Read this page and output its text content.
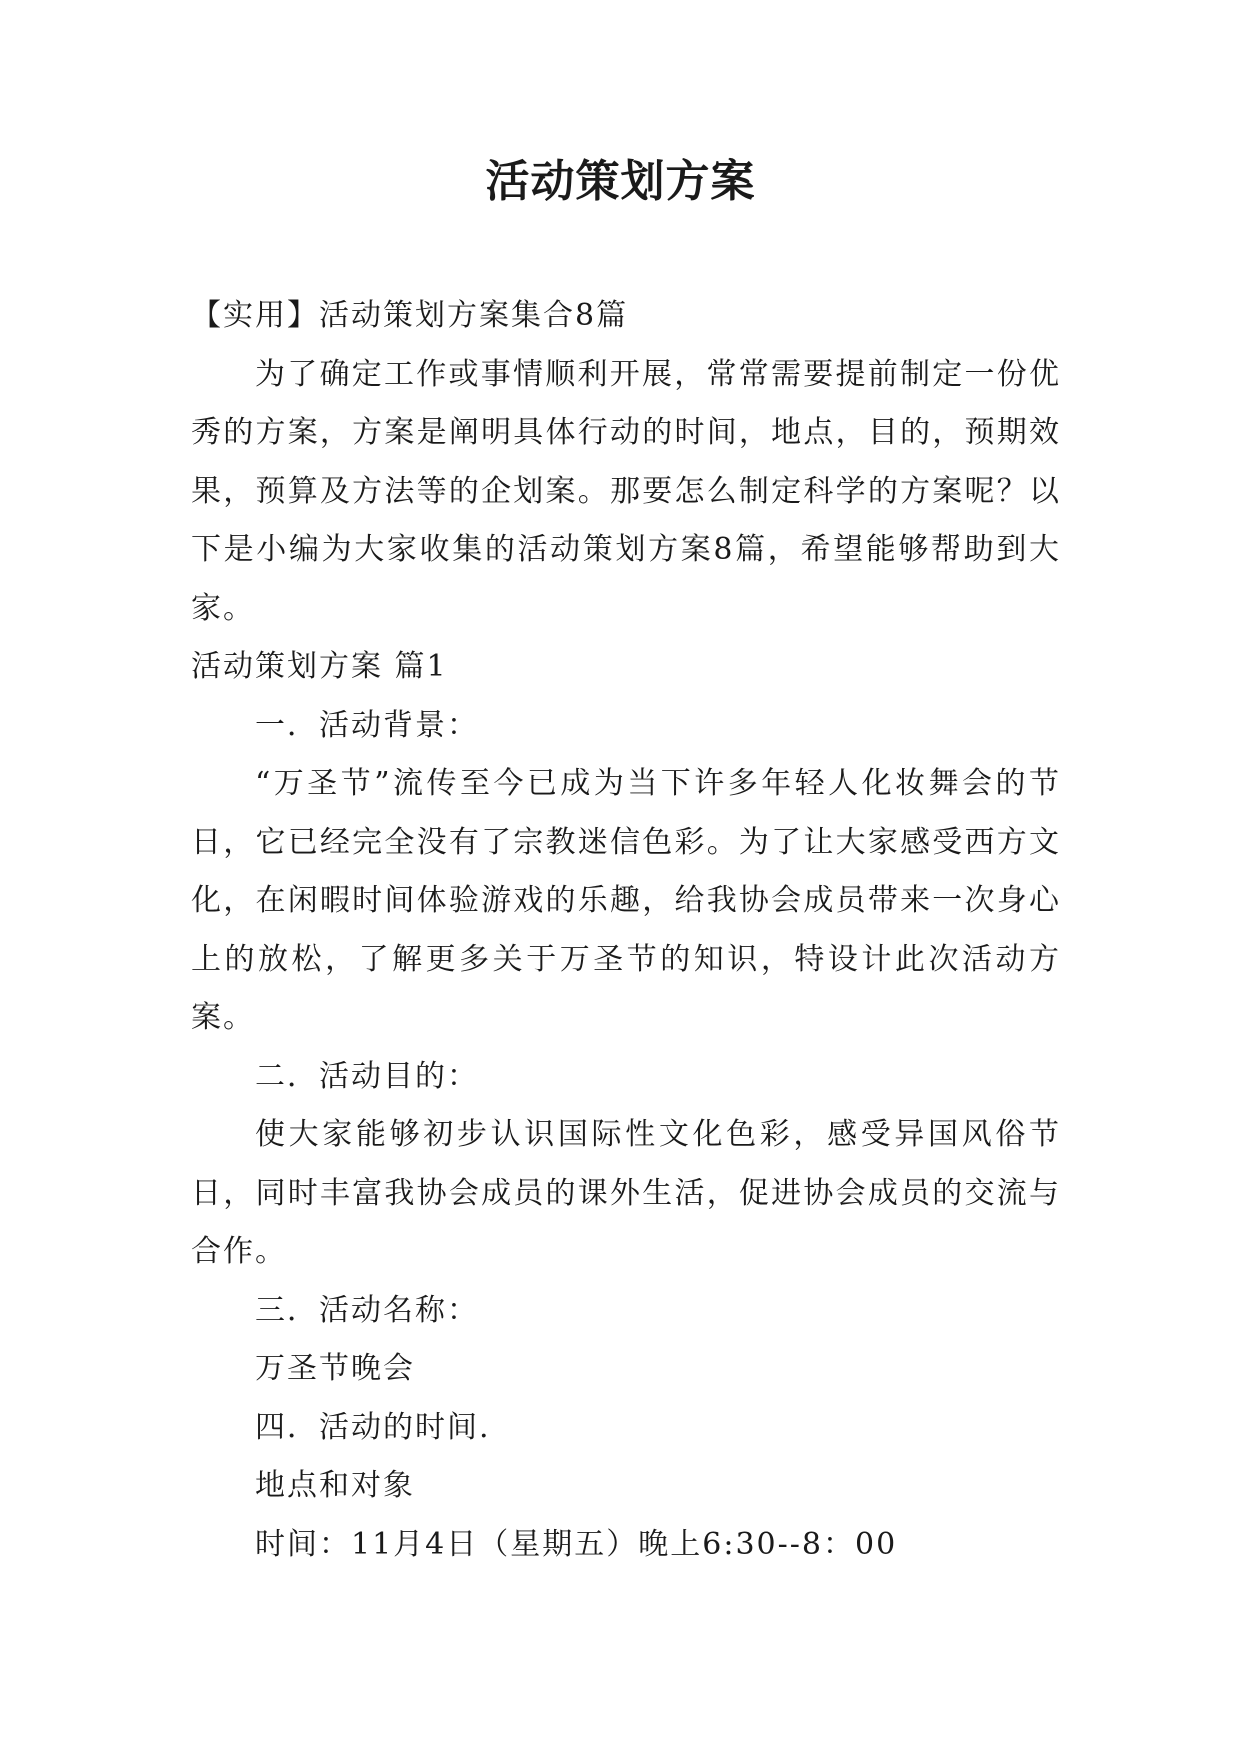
活动策划方案

【实用】活动策划方案集合8篇

为了确定工作或事情顺利开展，常常需要提前制定一份优秀的方案，方案是阐明具体行动的时间，地点，目的，预期效果，预算及方法等的企划案。那要怎么制定科学的方案呢？以下是小编为大家收集的活动策划方案8篇，希望能够帮助到大家。

活动策划方案 篇1

一．活动背景：

“万圣节”流传至今已成为当下许多年轻人化妆舞会的节日，它已经完全没有了宗教迷信色彩。为了让大家感受西方文化，在闲暇时间体验游戏的乐趣，给我协会成员带来一次身心上的放松，了解更多关于万圣节的知识，特设计此次活动方案。

二．活动目的：

使大家能够初步认识国际性文化色彩，感受异国风俗节日，同时丰富我协会成员的课外生活，促进协会成员的交流与合作。

三．活动名称：

万圣节晚会

四．活动的时间.

地点和对象

时间：11月4日（星期五）晚上6:30--8：00
